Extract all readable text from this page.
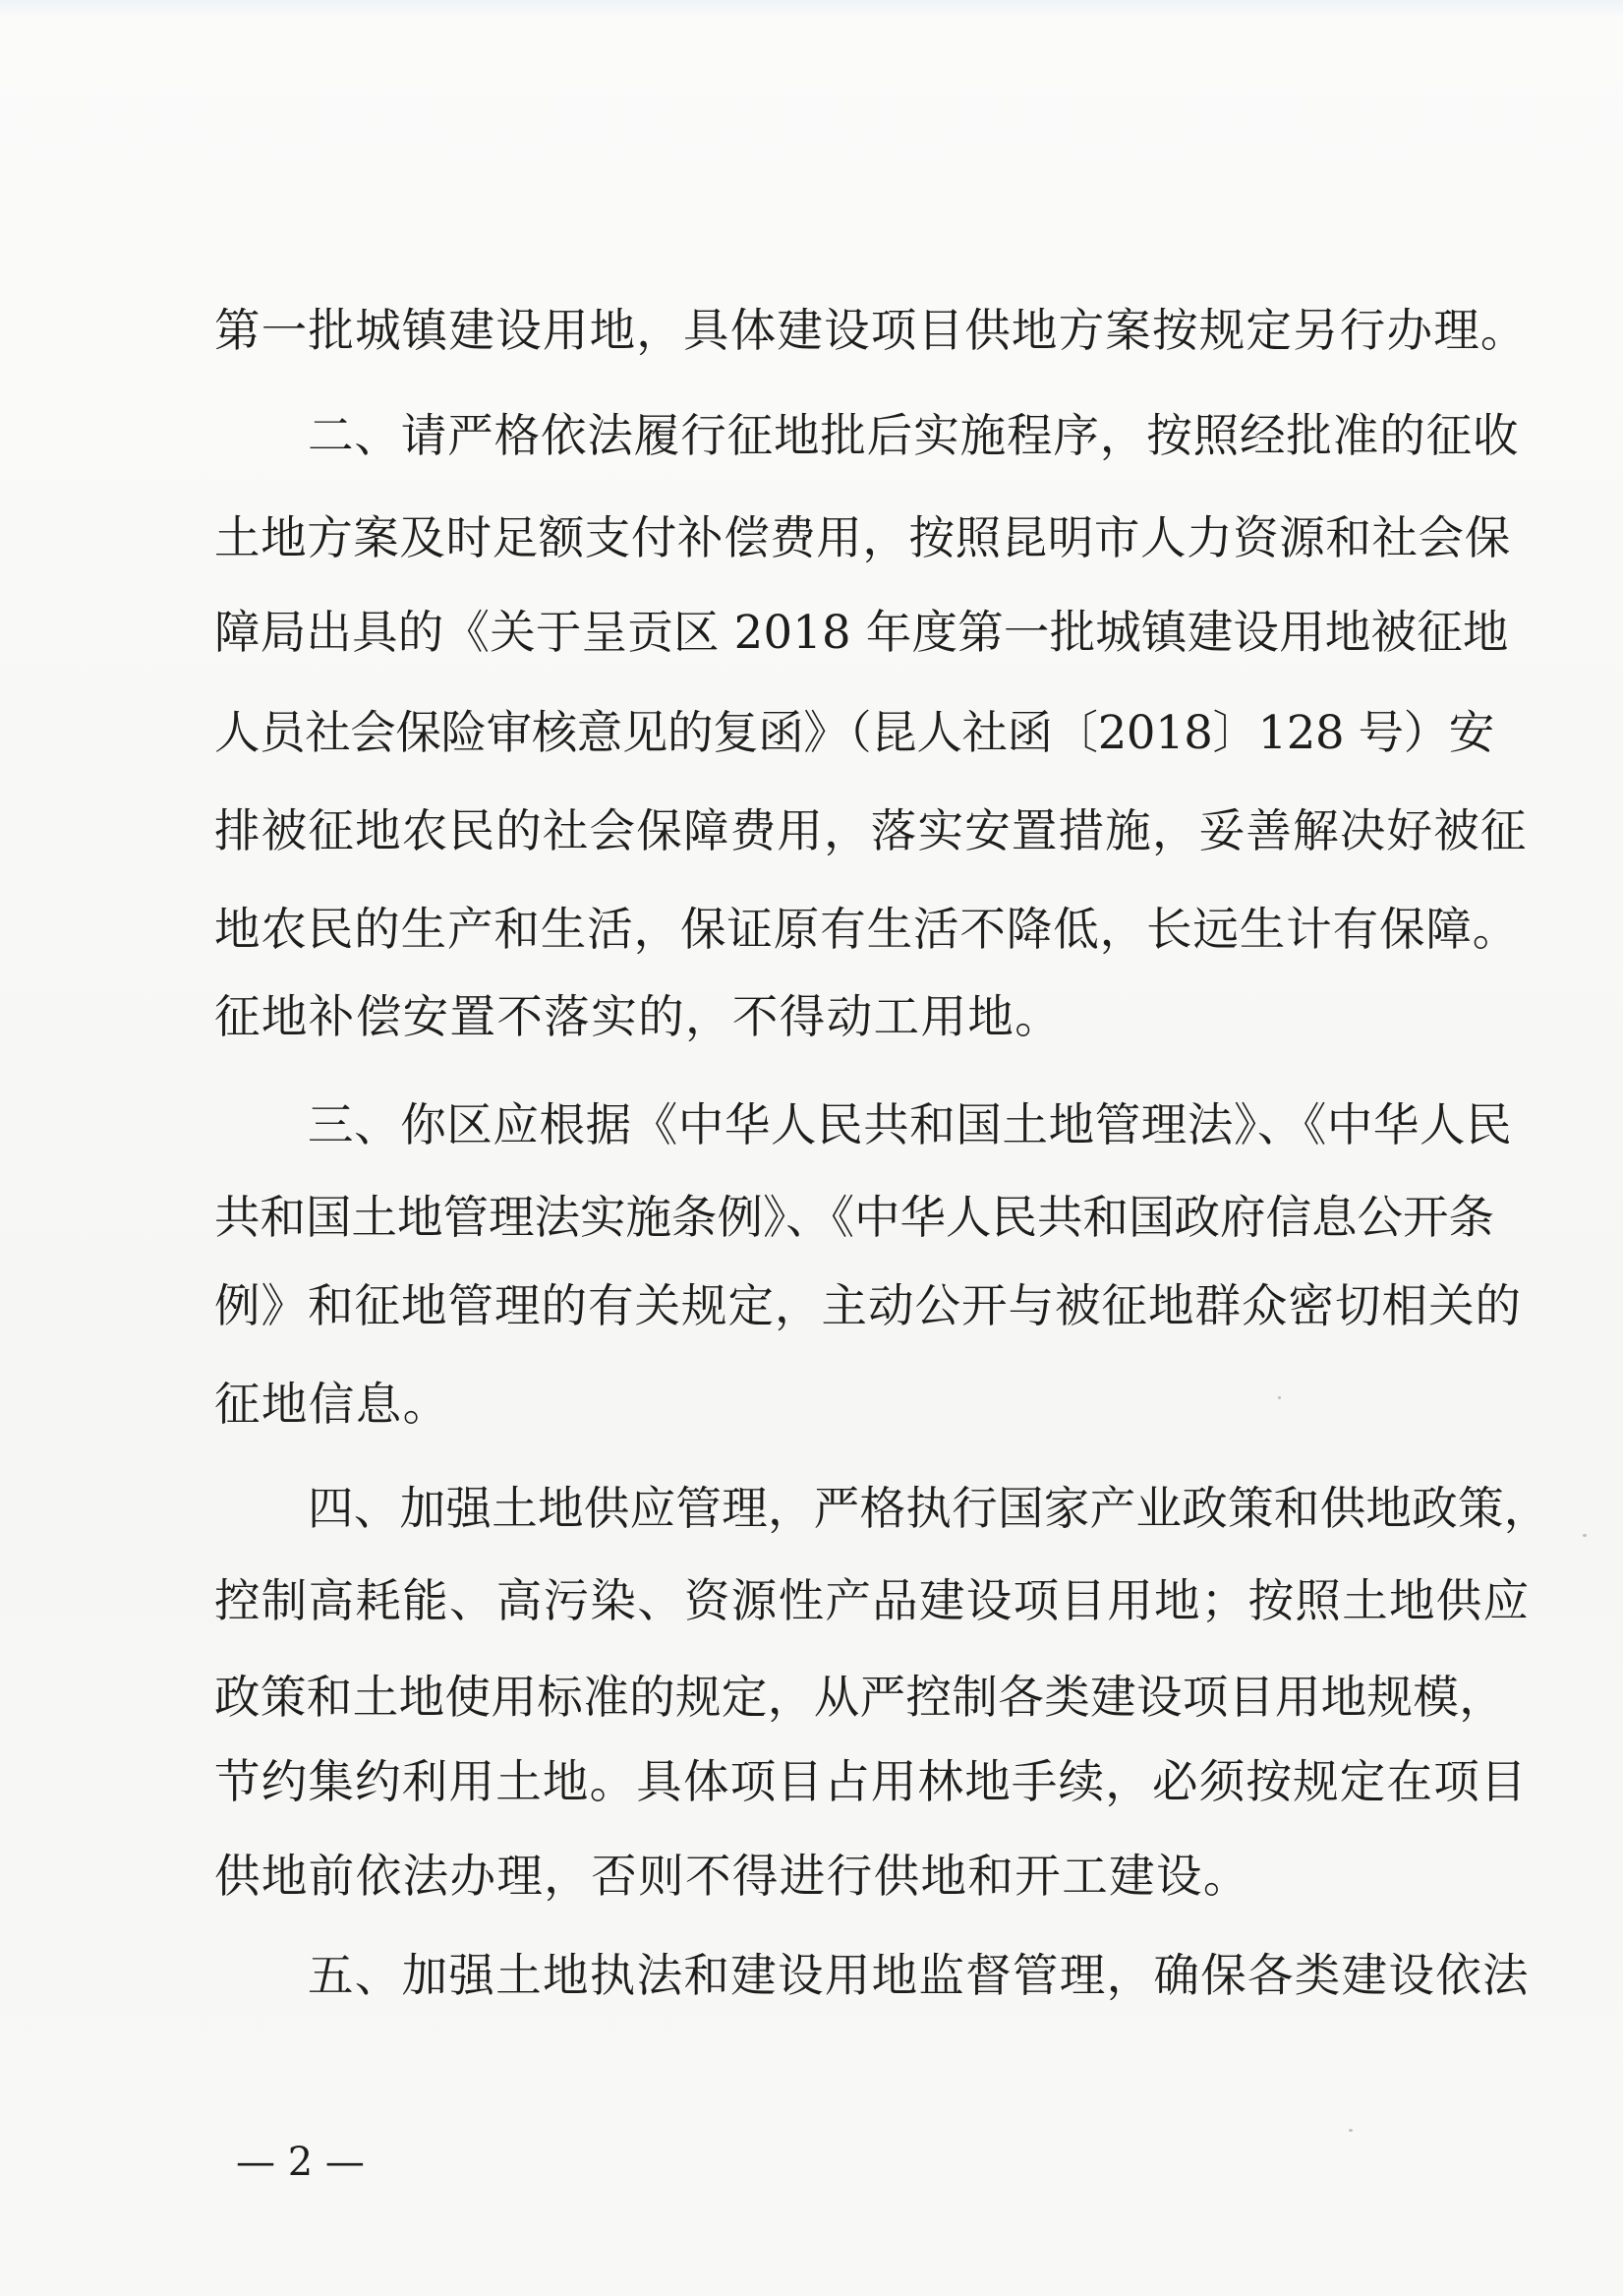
第一批城镇建设用地，具体建设项目供地方案按规定另行办理。
二、请严格依法履行征地批后实施程序，按照经批准的征收
土地方案及时足额支付补偿费用，按照昆明市人力资源和社会保
障局出具的《关于呈贡区 2018 年度第一批城镇建设用地被征地
人员社会保险审核意见的复函》（昆人社函〔2018〕128 号）安
排被征地农民的社会保障费用，落实安置措施，妥善解决好被征
地农民的生产和生活，保证原有生活不降低，长远生计有保障。
征地补偿安置不落实的，不得动工用地。
三、你区应根据《中华人民共和国土地管理法》、《中华人民
共和国土地管理法实施条例》、《中华人民共和国政府信息公开条
例》和征地管理的有关规定，主动公开与被征地群众密切相关的
征地信息。
四、加强土地供应管理，严格执行国家产业政策和供地政策，
控制高耗能、高污染、资源性产品建设项目用地；按照土地供应
政策和土地使用标准的规定，从严控制各类建设项目用地规模，
节约集约利用土地。具体项目占用林地手续，必须按规定在项目
供地前依法办理，否则不得进行供地和开工建设。
五、加强土地执法和建设用地监督管理，确保各类建设依法
— 2 —
